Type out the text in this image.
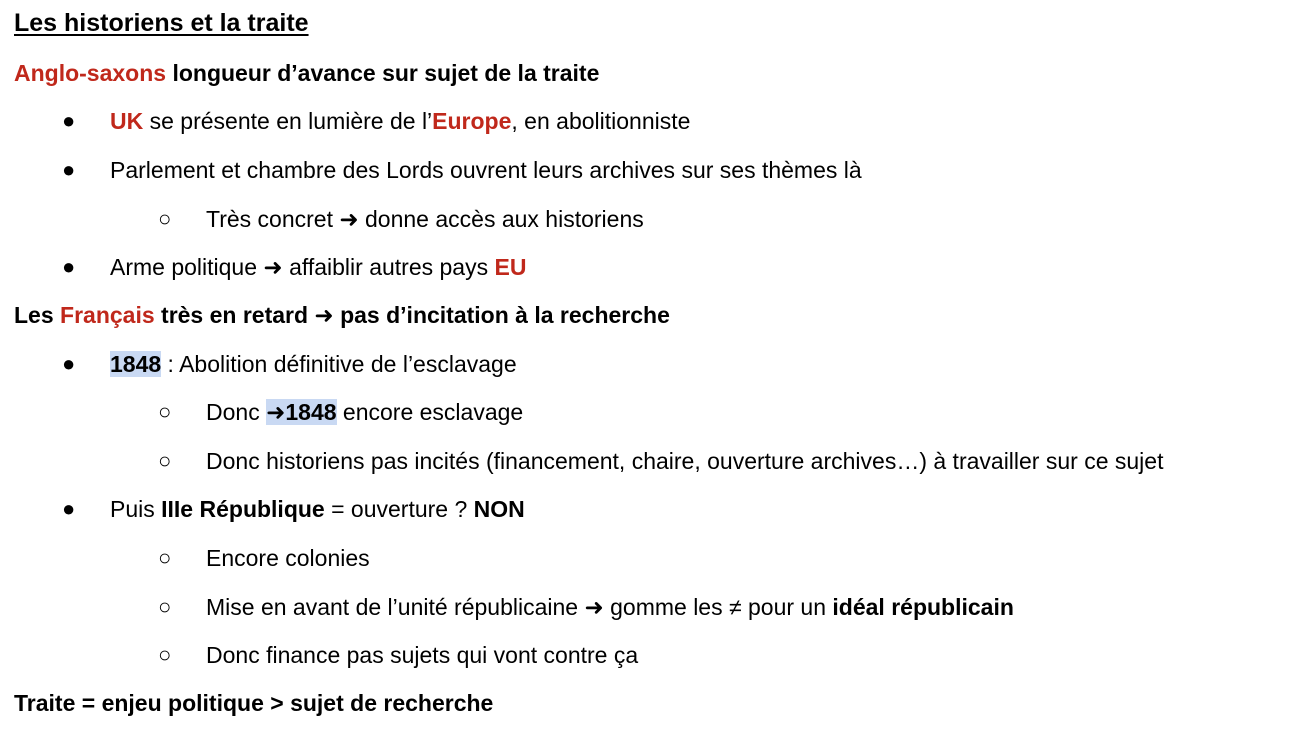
Les historiens et la traite
Anglo-saxons longueur d’avance sur sujet de la traite
● UK se présente en lumière de l’Europe, en abolitionniste
● Parlement et chambre des Lords ouvrent leurs archives sur ses thèmes là
○ Très concret ➜ donne accès aux historiens
● Arme politique ➜ affaiblir autres pays EU
Les Français très en retard ➜ pas d’incitation à la recherche
● 1848 : Abolition définitive de l’esclavage
○ Donc ➜1848 encore esclavage
○ Donc historiens pas incités (financement, chaire, ouverture archives…) à travailler sur ce sujet
● Puis IIIe République = ouverture ? NON
○ Encore colonies
○ Mise en avant de l’unité républicaine ➜ gomme les ≠ pour un idéal républicain
○ Donc finance pas sujets qui vont contre ça
Traite = enjeu politique > sujet de recherche
